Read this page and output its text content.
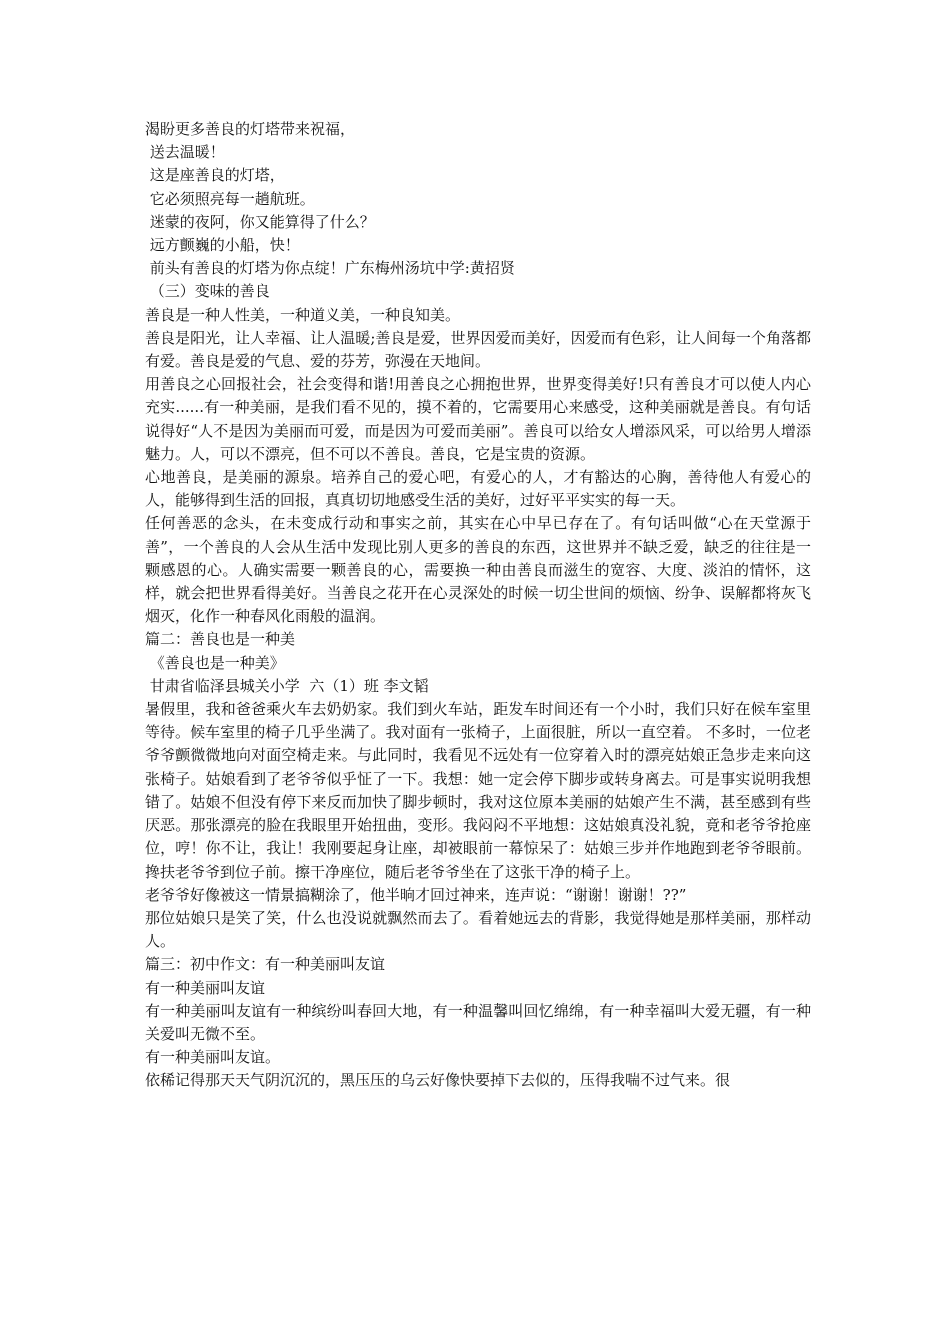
渴盼更多善良的灯塔带来祝福，
送去温暖！
这是座善良的灯塔，
它必须照亮每一趟航班。
迷蒙的夜阿，你又能算得了什么？
远方颤巍的小船，快！
前头有善良的灯塔为你点绽！广东梅州汤坑中学:黄招贤
（三）变味的善良

善良是一种人性美，一种道义美，一种良知美。

善良是阳光，让人幸福、让人温暖;善良是爱，世界因爱而美好，因爱而有色彩，让人间每一个角落都有爱。善良是爱的气息、爱的芬芳，弥漫在天地间。

用善良之心回报社会，社会变得和谐!用善良之心拥抱世界，世界变得美好!只有善良才可以使人内心充实......有一种美丽，是我们看不见的，摸不着的，它需要用心来感受，这种美丽就是善良。有句话说得好“人不是因为美丽而可爱，而是因为可爱而美丽”。善良可以给女人增添风采，可以给男人增添魅力。人，可以不漂亮，但不可以不善良。善良，它是宝贵的资源。

心地善良，是美丽的源泉。培养自己的爱心吧，有爱心的人，才有豁达的心胸，善待他人有爱心的人，能够得到生活的回报，真真切切地感受生活的美好，过好平平实实的每一天。

任何善恶的念头，在未变成行动和事实之前，其实在心中早已存在了。有句话叫做“心在天堂源于善”，一个善良的人会从生活中发现比别人更多的善良的东西，这世界并不缺乏爱，缺乏的往往是一颗感恩的心。人确实需要一颗善良的心，需要换一种由善良而滋生的宽容、大度、淡泊的情怀，这样，就会把世界看得美好。当善良之花开在心灵深处的时候一切尘世间的烦恼、纷争、误解都将灰飞烟灭，化作一种春风化雨般的温润。

篇二：善良也是一种美
《善良也是一种美》
甘肃省临泽县城关小学  六（1）班 李文韬

暑假里，我和爸爸乘火车去奶奶家。我们到火车站，距发车时间还有一个小时，我们只好在候车室里等待。候车室里的椅子几乎坐满了。我对面有一张椅子，上面很脏，所以一直空着。 不多时，一位老爷爷颤微微地向对面空椅走来。与此同时，我看见不远处有一位穿着入时的漂亮姑娘正急步走来向这张椅子。姑娘看到了老爷爷似乎怔了一下。我想：她一定会停下脚步或转身离去。可是事实说明我想错了。姑娘不但没有停下来反而加快了脚步顿时，我对这位原本美丽的姑娘产生不满，甚至感到有些厌恶。那张漂亮的脸在我眼里开始扭曲，变形。我闷闷不平地想：这姑娘真没礼貌，竟和老爷爷抢座位，哼！你不让，我让！我刚要起身让座，却被眼前一幕惊呆了：姑娘三步并作地跑到老爷爷眼前。搀扶老爷爷到位子前。擦干净座位，随后老爷爷坐在了这张干净的椅子上。

老爷爷好像被这一情景搞糊涂了，他半晌才回过神来，连声说：“谢谢！谢谢！??”

那位姑娘只是笑了笑，什么也没说就飘然而去了。看着她远去的背影，我觉得她是那样美丽，那样动人。

篇三：初中作文：有一种美丽叫友谊

有一种美丽叫友谊

有一种美丽叫友谊有一种缤纷叫春回大地，有一种温馨叫回忆绵绵，有一种幸福叫大爱无疆，有一种关爱叫无微不至。

有一种美丽叫友谊。

依稀记得那天天气阴沉沉的，黑压压的乌云好像快要掉下去似的，压得我喘不过气来。很
